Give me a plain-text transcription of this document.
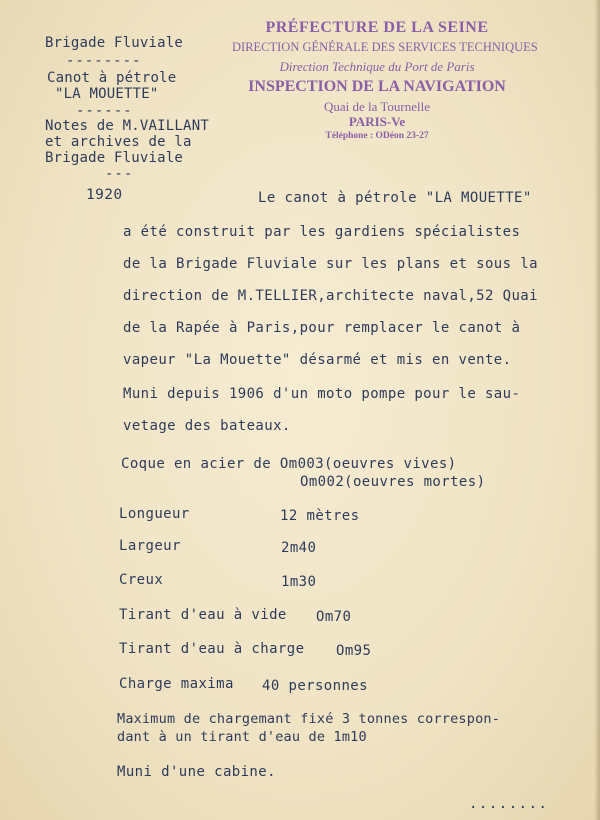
Brigade Fluviale
--------
Canot à pétrole
"LA MOUETTE"
------
Notes de M.VAILLANT
et archives de la
Brigade Fluviale
---
PRÉFECTURE DE LA SEINE
DIRECTION GÉNÉRALE DES SERVICES TECHNIQUES
Direction Technique du Port de Paris
INSPECTION DE LA NAVIGATION
Quai de la Tournelle
PARIS-Ve
Téléphone : ODéon 23-27
1920	Le canot à pétrole "LA MOUETTE"
a été construit par les gardiens spécialistes
de la Brigade Fluviale sur les plans et sous la
direction de M.TELLIER,architecte naval,52 Quai
de la Rapée à Paris,pour remplacer le canot à
vapeur "La Mouette" désarmé et mis en vente.
Muni depuis 1906 d'un moto pompe pour le sau-
vetage des bateaux.
Coque en acier de Om003(oeuvres vives)
Om002(oeuvres mortes)
Longueur	12 mètres
Largeur	2m40
Creux	1m30
Tirant d'eau à vide Om70
Tirant d'eau à charge Om95
Charge maxima 40 personnes
Maximum de chargemant fixé 3 tonnes correspon-
dant à un tirant d'eau de 1m10
Muni d'une cabine.
........
